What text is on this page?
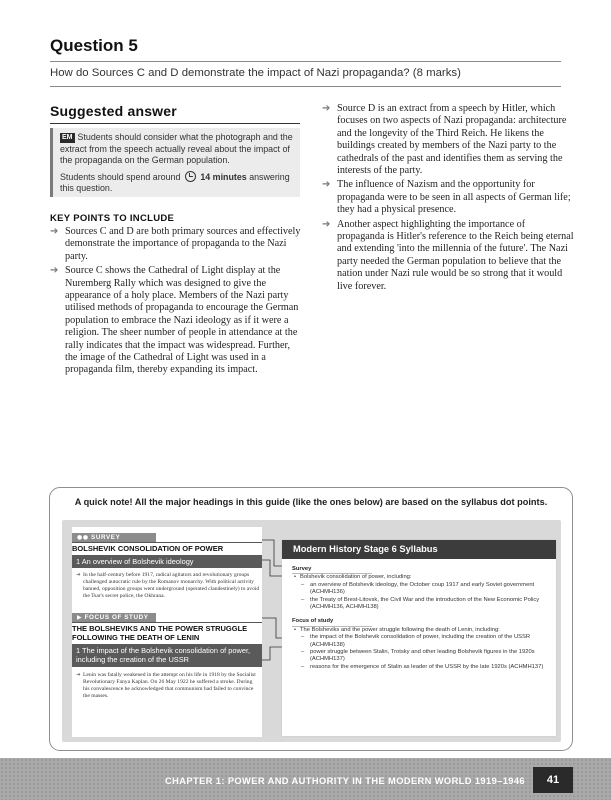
Question 5
How do Sources C and D demonstrate the impact of Nazi propaganda? (8 marks)
Suggested answer
EM Students should consider what the photograph and the extract from the speech actually reveal about the impact of the propaganda on the German population.
Students should spend around 14 minutes answering this question.
KEY POINTS TO INCLUDE
➔ Sources C and D are both primary sources and effectively demonstrate the importance of propaganda to the Nazi party.
➔ Source C shows the Cathedral of Light display at the Nuremberg Rally which was designed to give the appearance of a holy place. Members of the Nazi party utilised methods of propaganda to encourage the German population to embrace the Nazi ideology as if it were a religion. The sheer number of people in attendance at the rally indicates that the impact was widespread. Further, the image of the Cathedral of Light was used in a propaganda film, thereby expanding its impact.
➔ Source D is an extract from a speech by Hitler, which focuses on two aspects of Nazi propaganda: architecture and the longevity of the Third Reich. He likens the buildings created by members of the Nazi party to the cathedrals of the past and identifies them as serving the interests of the party.
➔ The influence of Nazism and the opportunity for propaganda were to be seen in all aspects of German life; they had a physical presence.
➔ Another aspect highlighting the importance of propaganda is Hitler's reference to the Reich being eternal and extending 'into the millennia of the future'. The Nazi party needed the German population to believe that the nation under Nazi rule would be so strong that it would live forever.
A quick note! All the major headings in this guide (like the ones below) are based on the syllabus dot points.
●● SURVEY
BOLSHEVIK CONSOLIDATION OF POWER
1 An overview of Bolshevik ideology
➔ In the half-century before 1917, radical agitators and revolutionary groups challenged autocratic rule by the Romanov monarchy. With political activity banned, opposition groups went underground (operated clandestinely) to avoid the Tsar's secret police, the Okhrana.
▶ FOCUS OF STUDY
THE BOLSHEVIKS AND THE POWER STRUGGLE FOLLOWING THE DEATH OF LENIN
1 The impact of the Bolshevik consolidation of power, including the creation of the USSR
➔ Lenin was fatally weakened in the attempt on his life in 1918 by the Socialist Revolutionary Fanya Kaplan. On 26 May 1922 he suffered a stroke. During his convalescence he acknowledged that communism had failed to convince the masses.
Modern History Stage 6 Syllabus
Survey
• Bolshevik consolidation of power, including:
– an overview of Bolshevik ideology, the October coup 1917 and early Soviet government (ACHMH136)
– the Treaty of Brest-Litovsk, the Civil War and the introduction of the New Economic Policy (ACHMH136, ACHMH138)
Focus of study
• The Bolsheviks and the power struggle following the death of Lenin, including:
– the impact of the Bolshevik consolidation of power, including the creation of the USSR (ACHMH138)
– power struggle between Stalin, Trotsky and other leading Bolshevik figures in the 1920s (ACHMH137)
– reasons for the emergence of Stalin as leader of the USSR by the late 1920s (ACHMH137)
CHAPTER 1: POWER AND AUTHORITY IN THE MODERN WORLD 1919–1946	41
